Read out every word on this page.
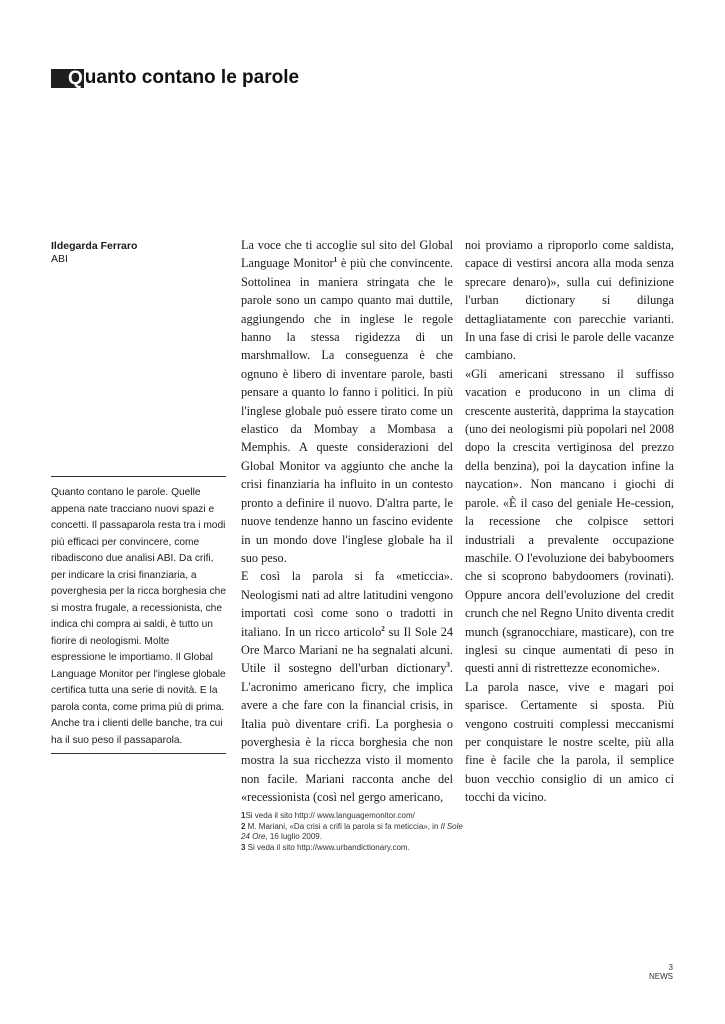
Q uanto contano le parole
Ildegarda Ferraro
ABI
Quanto contano le parole. Quelle appena nate tracciano nuovi spazi e concetti. Il passaparola resta tra i modi più efficaci per convincere, come ribadiscono due analisi ABI. Da crifi, per indicare la crisi finanziaria, a poverghesia per la ricca borghesia che si mostra frugale, a recessionista, che indica chi compra ai saldi, è tutto un fiorire di neologismi. Molte espressione le importiamo. Il Global Language Monitor per l'inglese globale certifica tutta una serie di novità. E la parola conta, come prima più di prima. Anche tra i clienti delle banche, tra cui ha il suo peso il passaparola.

La voce che ti accoglie sul sito del Global Language Monitor$^1$ è più che convincente. Sottolinea in maniera stringata che le parole sono un campo quanto mai duttile, aggiungendo che in inglese le regole hanno la stessa rigidezza di un marshmallow. La conseguenza è che ognuno è libero di inventare parole, basti pensare a quanto lo fanno i politici. In più l'inglese globale può essere tirato come un elastico da Mombay a Mombasa a Memphis. A queste considerazioni del Global Monitor va aggiunto che anche la crisi finanziaria ha influito in un contesto pronto a definire il nuovo. D'altra parte, le nuove tendenze hanno un fascino evidente in un mondo dove l'inglese globale ha il suo peso.

E così la parola si fa «meticcia». Neologismi nati ad altre latitudini vengono importati così come sono o tradotti in italiano. In un ricco articolo$^2$ su Il Sole 24 Ore Marco Mariani ne ha segnalati alcuni. Utile il sostegno dell'urban dictionary$^3$. L'acronimo americano ficry, che implica avere a che fare con la financial crisis, in Italia può diventare crifi. La porghesia o poverghesia è la ricca borghesia che non mostra la sua ricchezza visto il momento non facile. Mariani racconta anche del «recessionista (così nel gergo americano,

noi proviamo a riproporlo come saldista, capace di vestirsi ancora alla moda senza sprecare denaro)», sulla cui definizione l'urban dictionary si dilunga dettagliatamente con parecchie varianti. In una fase di crisi le parole delle vacanze cambiano.

«Gli americani stressano il suffisso vacation e producono in un clima di crescente austerità, dapprima la staycation (uno dei neologismi più popolari nel 2008 dopo la crescita vertiginosa del prezzo della benzina), poi la daycation infine la naycation». Non mancano i giochi di parole. «È il caso del geniale He-cession, la recessione che colpisce settori industriali a prevalente occupazione maschile. O l'evoluzione dei babyboomers che si scoprono babydoomers (rovinati). Oppure ancora dell'evoluzione del credit crunch che nel Regno Unito diventa credit munch (sgranocchiare, masticare), con tre inglesi su cinque aumentati di peso in questi anni di ristrettezze economiche».

La parola nasce, vive e magari poi sparisce. Certamente si sposta. Più vengono costruiti complessi meccanismi per conquistare le nostre scelte, più alla fine è facile che la parola, il semplice buon vecchio consiglio di un amico ci tocchi da vicino.

1Si veda il sito http:// www.languagemonitor.com/
2 M. Mariani, «Da crisi a crifi la parola si fa meticcia», in Il Sole 24 Ore, 16 luglio 2009.
3 Si veda il sito http://www.urbandictionary.com.
3
NEWS
